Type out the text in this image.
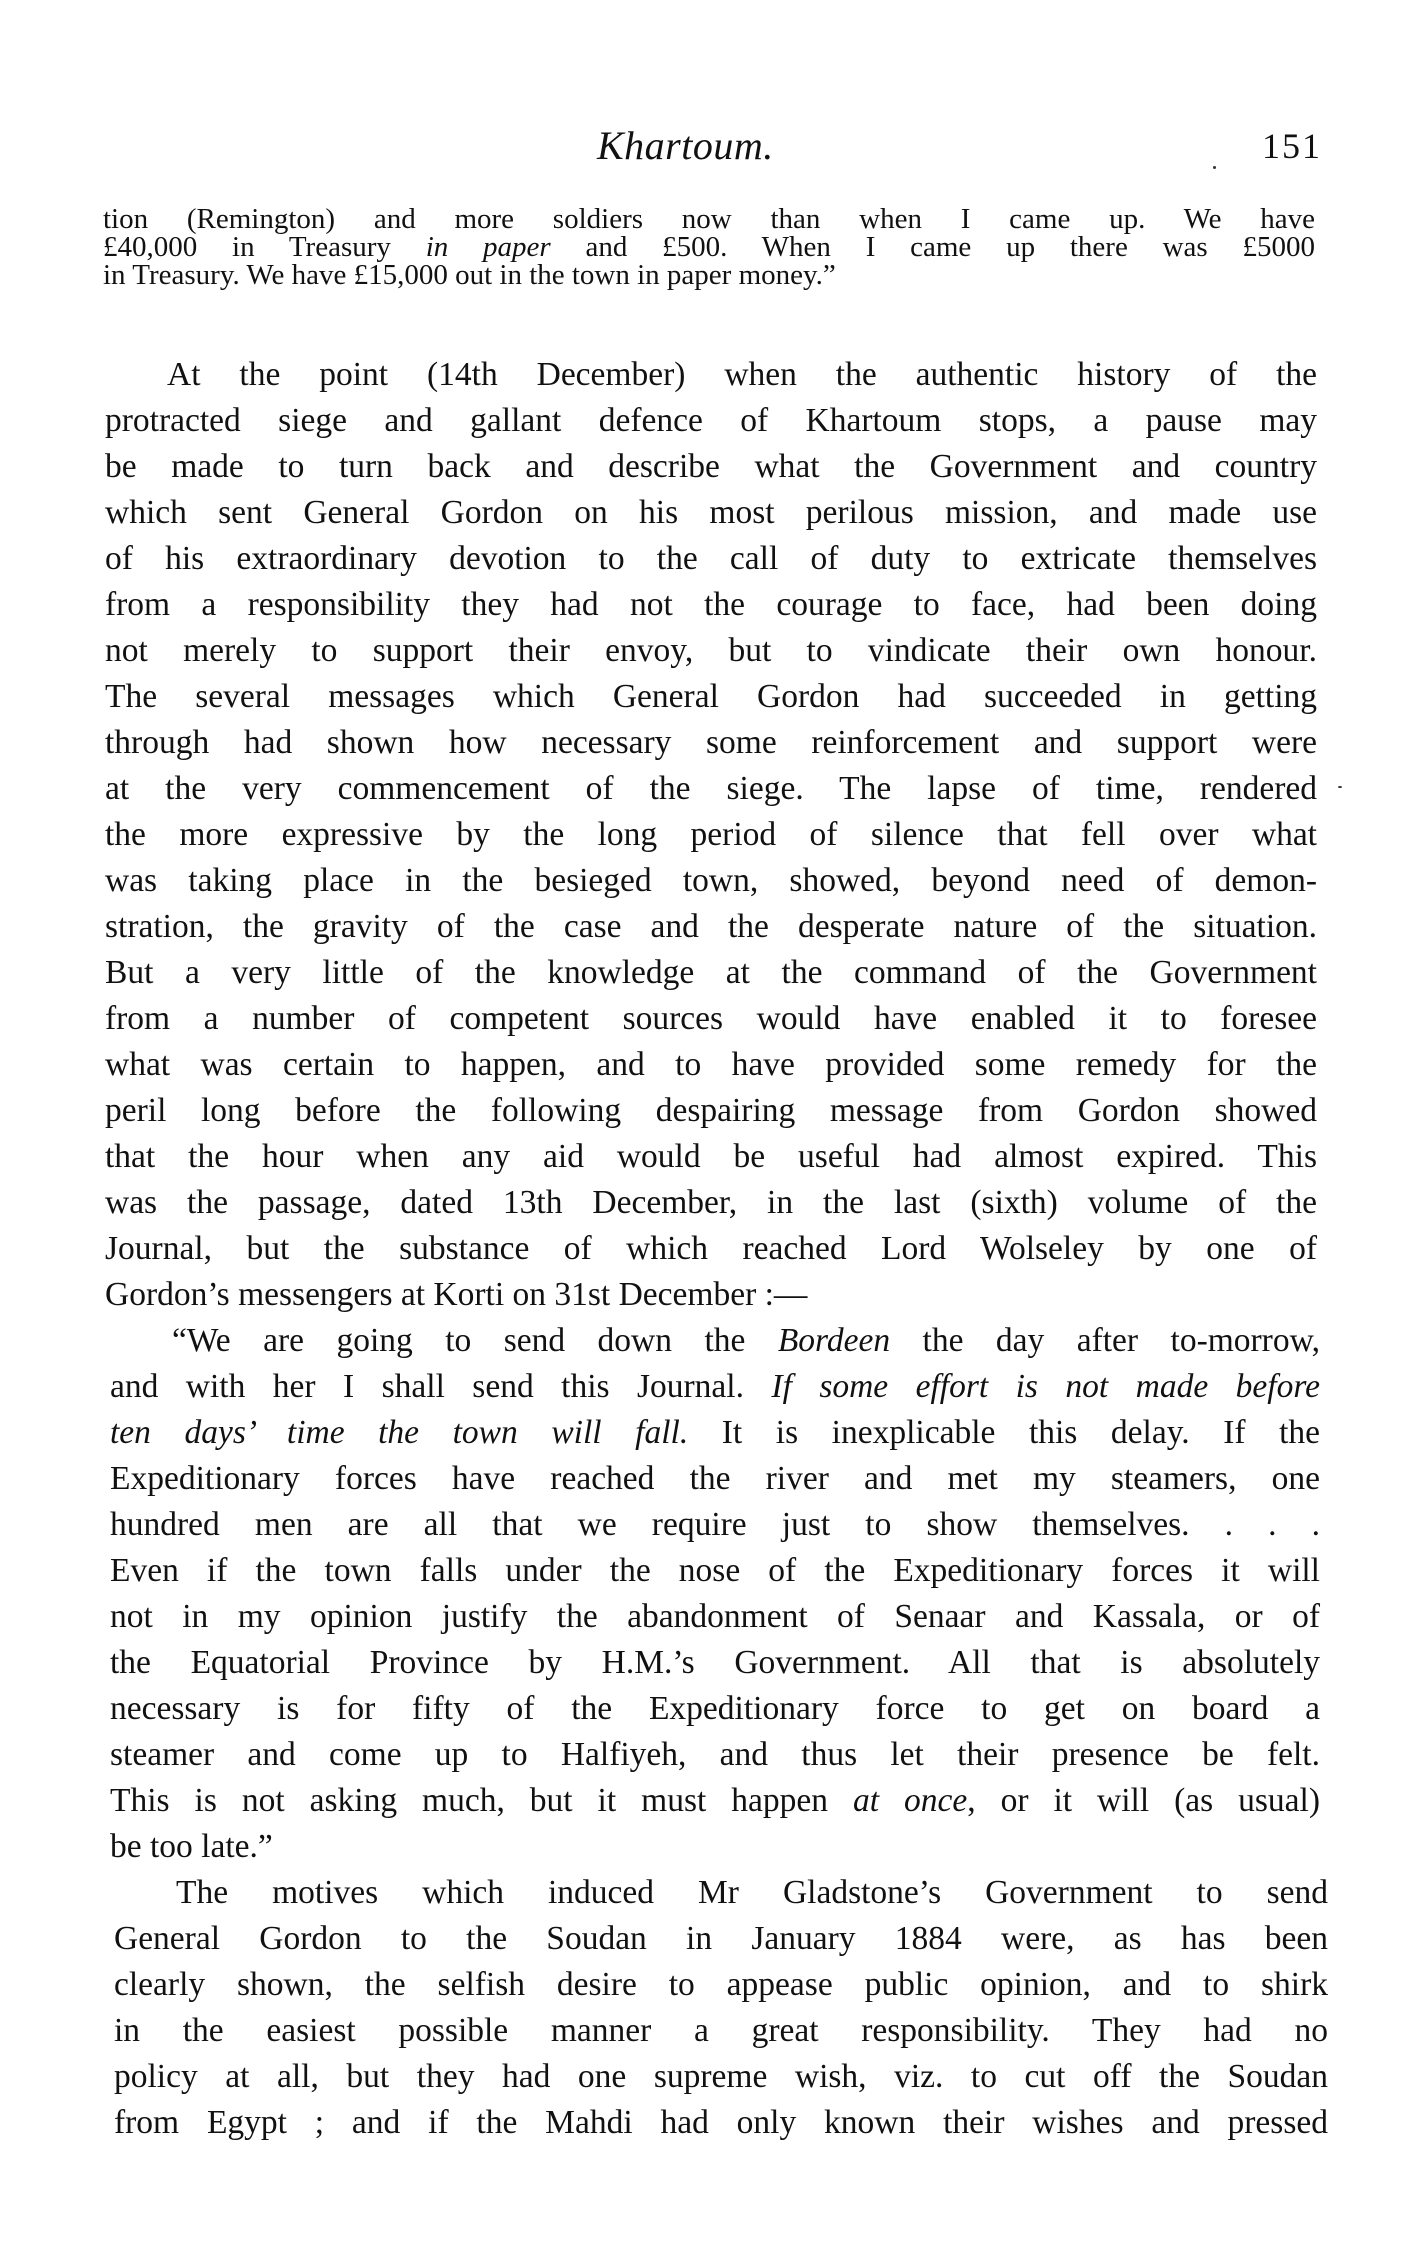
Khartoum.	151
tion (Remington) and more soldiers now than when I came up. We have
£40,000 in Treasury in paper and £500. When I came up there was £5000
in Treasury. We have £15,000 out in the town in paper money.”
At the point (14th December) when the authentic history of the
protracted siege and gallant defence of Khartoum stops, a pause may
be made to turn back and describe what the Government and country
which sent General Gordon on his most perilous mission, and made use
of his extraordinary devotion to the call of duty to extricate themselves
from a responsibility they had not the courage to face, had been doing
not merely to support their envoy, but to vindicate their own honour.
The several messages which General Gordon had succeeded in getting
through had shown how necessary some reinforcement and support were
at the very commencement of the siege. The lapse of time, rendered
the more expressive by the long period of silence that fell over what
was taking place in the besieged town, showed, beyond need of demon-
stration, the gravity of the case and the desperate nature of the situation.
But a very little of the knowledge at the command of the Government
from a number of competent sources would have enabled it to foresee
what was certain to happen, and to have provided some remedy for the
peril long before the following despairing message from Gordon showed
that the hour when any aid would be useful had almost expired. This
was the passage, dated 13th December, in the last (sixth) volume of the
Journal, but the substance of which reached Lord Wolseley by one of
Gordon’s messengers at Korti on 31st December :—
“We are going to send down the Bordeen the day after to-morrow,
and with her I shall send this Journal. If some effort is not made before
ten days’ time the town will fall. It is inexplicable this delay. If the
Expeditionary forces have reached the river and met my steamers, one
hundred men are all that we require just to show themselves. . . .
Even if the town falls under the nose of the Expeditionary forces it will
not in my opinion justify the abandonment of Senaar and Kassala, or of
the Equatorial Province by H.M.’s Government. All that is absolutely
necessary is for fifty of the Expeditionary force to get on board a
steamer and come up to Halfiyeh, and thus let their presence be felt.
This is not asking much, but it must happen at once, or it will (as usual)
be too late.”
The motives which induced Mr Gladstone’s Government to send
General Gordon to the Soudan in January 1884 were, as has been
clearly shown, the selfish desire to appease public opinion, and to shirk
in the easiest possible manner a great responsibility. They had no
policy at all, but they had one supreme wish, viz. to cut off the Soudan
from Egypt ; and if the Mahdi had only known their wishes and pressed
